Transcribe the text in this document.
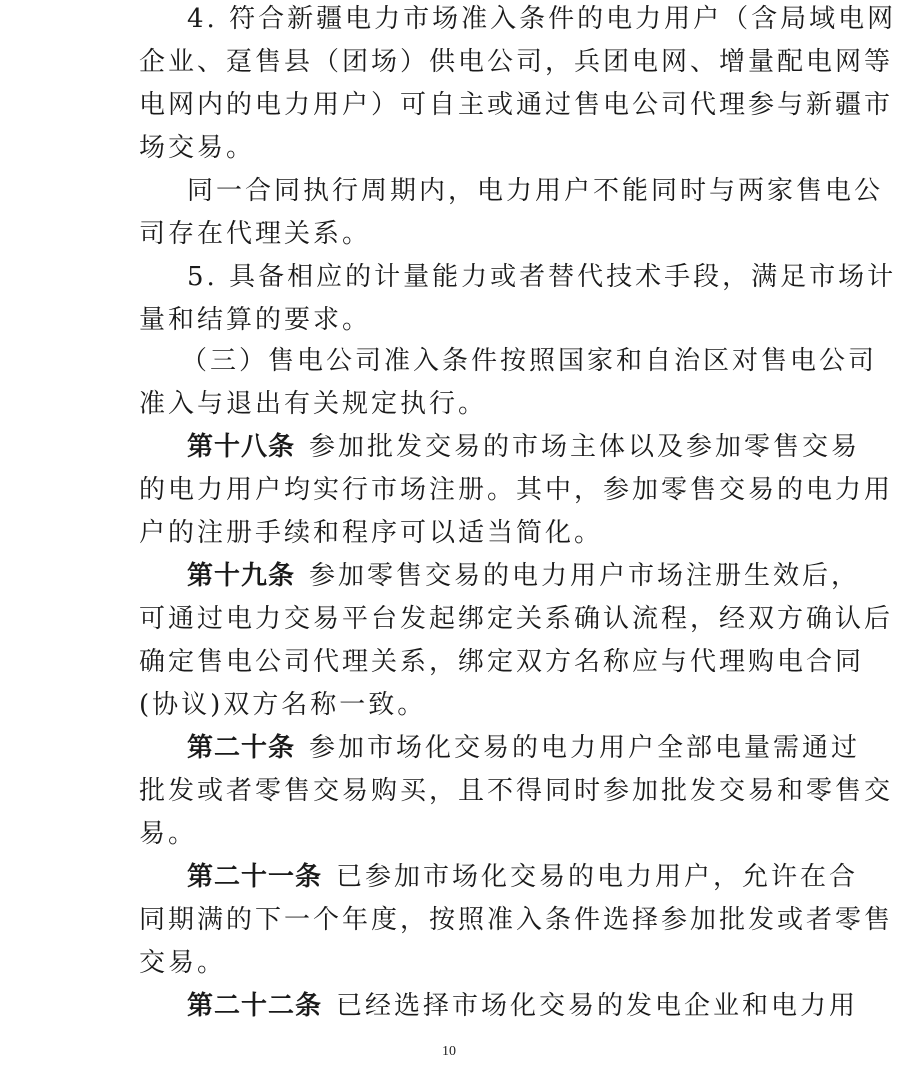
4. 符合新疆电力市场准入条件的电力用户（含局域电网
企业、趸售县（团场）供电公司，兵团电网、增量配电网等
电网内的电力用户）可自主或通过售电公司代理参与新疆市
场交易。
同一合同执行周期内，电力用户不能同时与两家售电公
司存在代理关系。
5. 具备相应的计量能力或者替代技术手段，满足市场计
量和结算的要求。
（三）售电公司准入条件按照国家和自治区对售电公司
准入与退出有关规定执行。
第十八条 参加批发交易的市场主体以及参加零售交易
的电力用户均实行市场注册。其中，参加零售交易的电力用
户的注册手续和程序可以适当简化。
第十九条 参加零售交易的电力用户市场注册生效后，
可通过电力交易平台发起绑定关系确认流程，经双方确认后
确定售电公司代理关系，绑定双方名称应与代理购电合同
(协议)双方名称一致。
第二十条 参加市场化交易的电力用户全部电量需通过
批发或者零售交易购买，且不得同时参加批发交易和零售交
易。
第二十一条 已参加市场化交易的电力用户，允许在合
同期满的下一个年度，按照准入条件选择参加批发或者零售
交易。
第二十二条 已经选择市场化交易的发电企业和电力用
10
